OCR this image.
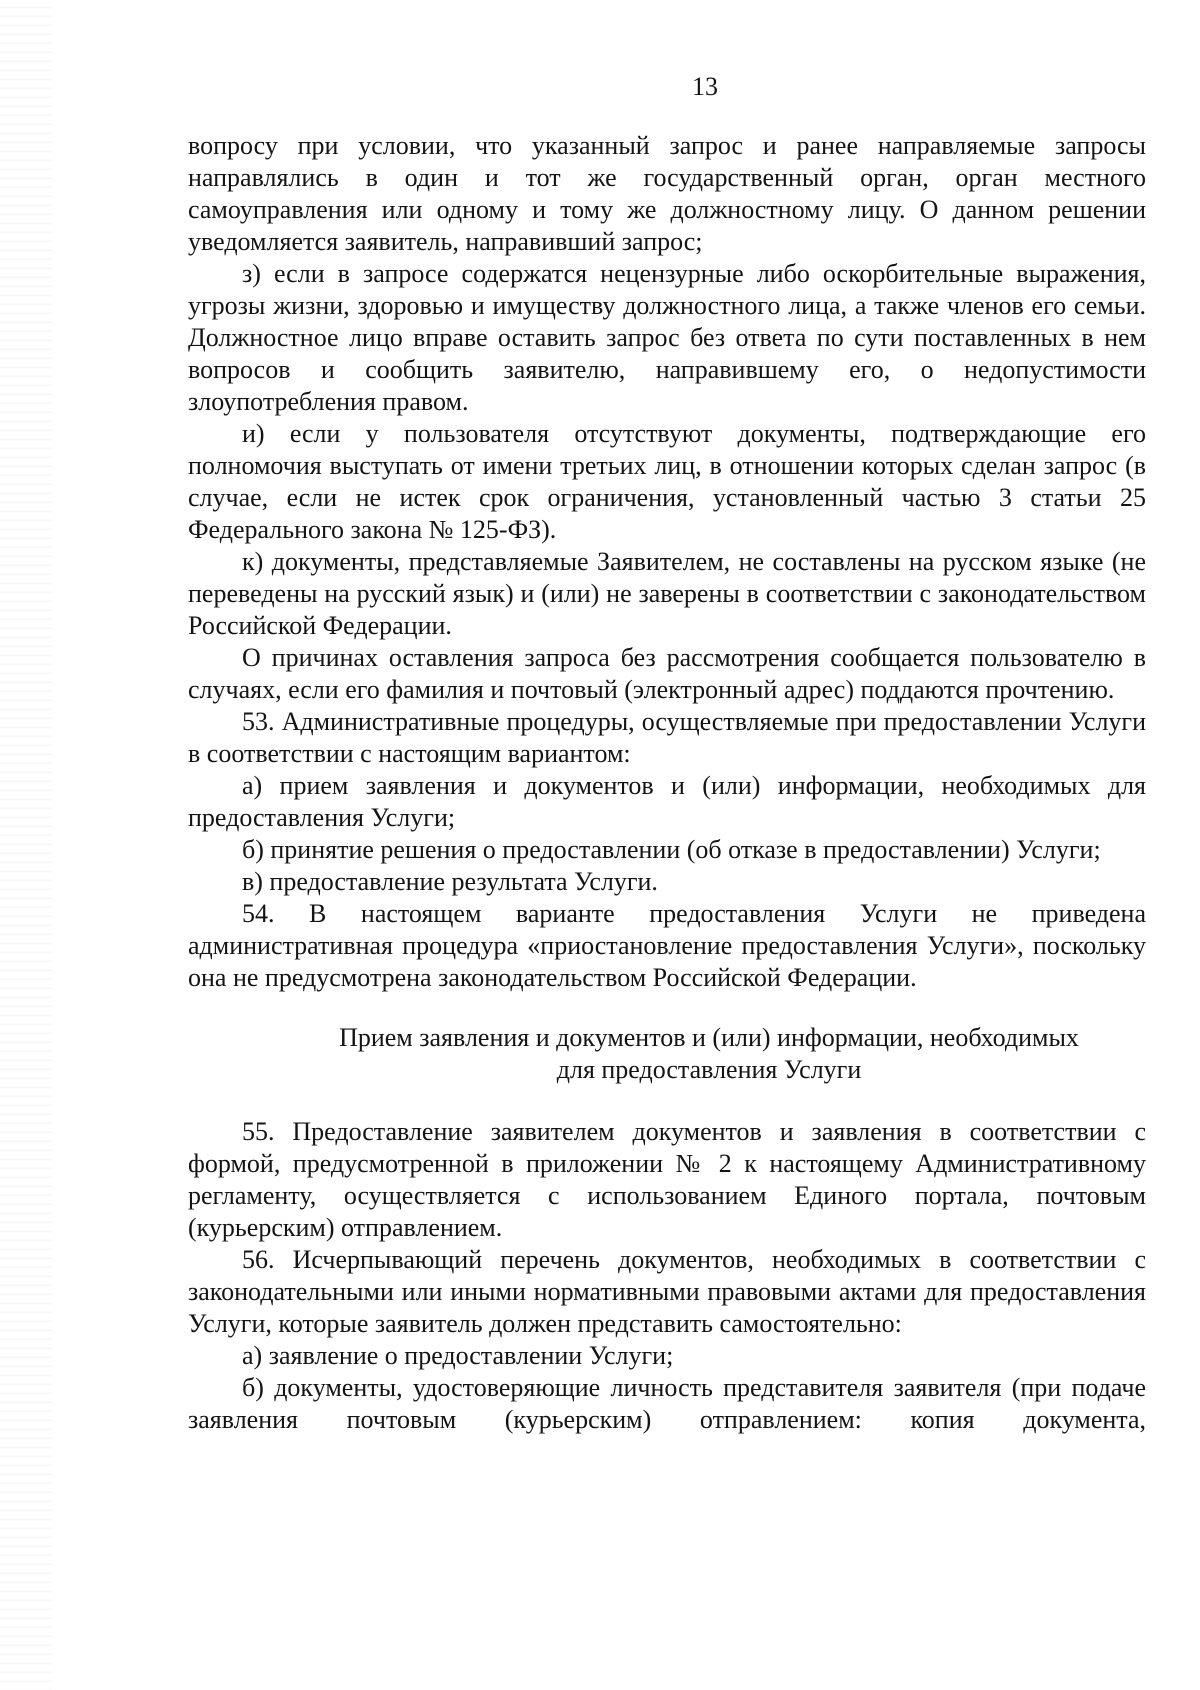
13

вопросу при условии, что указанный запрос и ранее направляемые запросы направлялись в один и тот же государственный орган, орган местного самоуправления или одному и тому же должностному лицу. О данном решении уведомляется заявитель, направивший запрос;

з) если в запросе содержатся нецензурные либо оскорбительные выражения, угрозы жизни, здоровью и имуществу должностного лица, а также членов его семьи. Должностное лицо вправе оставить запрос без ответа по сути поставленных в нем вопросов и сообщить заявителю, направившему его, о недопустимости злоупотребления правом.

и) если у пользователя отсутствуют документы, подтверждающие его полномочия выступать от имени третьих лиц, в отношении которых сделан запрос (в случае, если не истек срок ограничения, установленный частью 3 статьи 25 Федерального закона № 125-ФЗ).

к) документы, представляемые Заявителем, не составлены на русском языке (не переведены на русский язык) и (или) не заверены в соответствии с законодательством Российской Федерации.

О причинах оставления запроса без рассмотрения сообщается пользователю в случаях, если его фамилия и почтовый (электронный адрес) поддаются прочтению.

53. Административные процедуры, осуществляемые при предоставлении Услуги в соответствии с настоящим вариантом:

а) прием заявления и документов и (или) информации, необходимых для предоставления Услуги;

б) принятие решения о предоставлении (об отказе в предоставлении) Услуги;

в) предоставление результата Услуги.

54. В настоящем варианте предоставления Услуги не приведена административная процедура «приостановление предоставления Услуги», поскольку она не предусмотрена законодательством Российской Федерации.

Прием заявления и документов и (или) информации, необходимых
для предоставления Услуги

55. Предоставление заявителем документов и заявления в соответствии с формой, предусмотренной в приложении № 2 к настоящему Административному регламенту, осуществляется с использованием Единого портала, почтовым (курьерским) отправлением.

56. Исчерпывающий перечень документов, необходимых в соответствии с законодательными или иными нормативными правовыми актами для предоставления Услуги, которые заявитель должен представить самостоятельно:

а) заявление о предоставлении Услуги;

б) документы, удостоверяющие личность представителя заявителя (при подаче заявления почтовым (курьерским) отправлением: копия документа,
